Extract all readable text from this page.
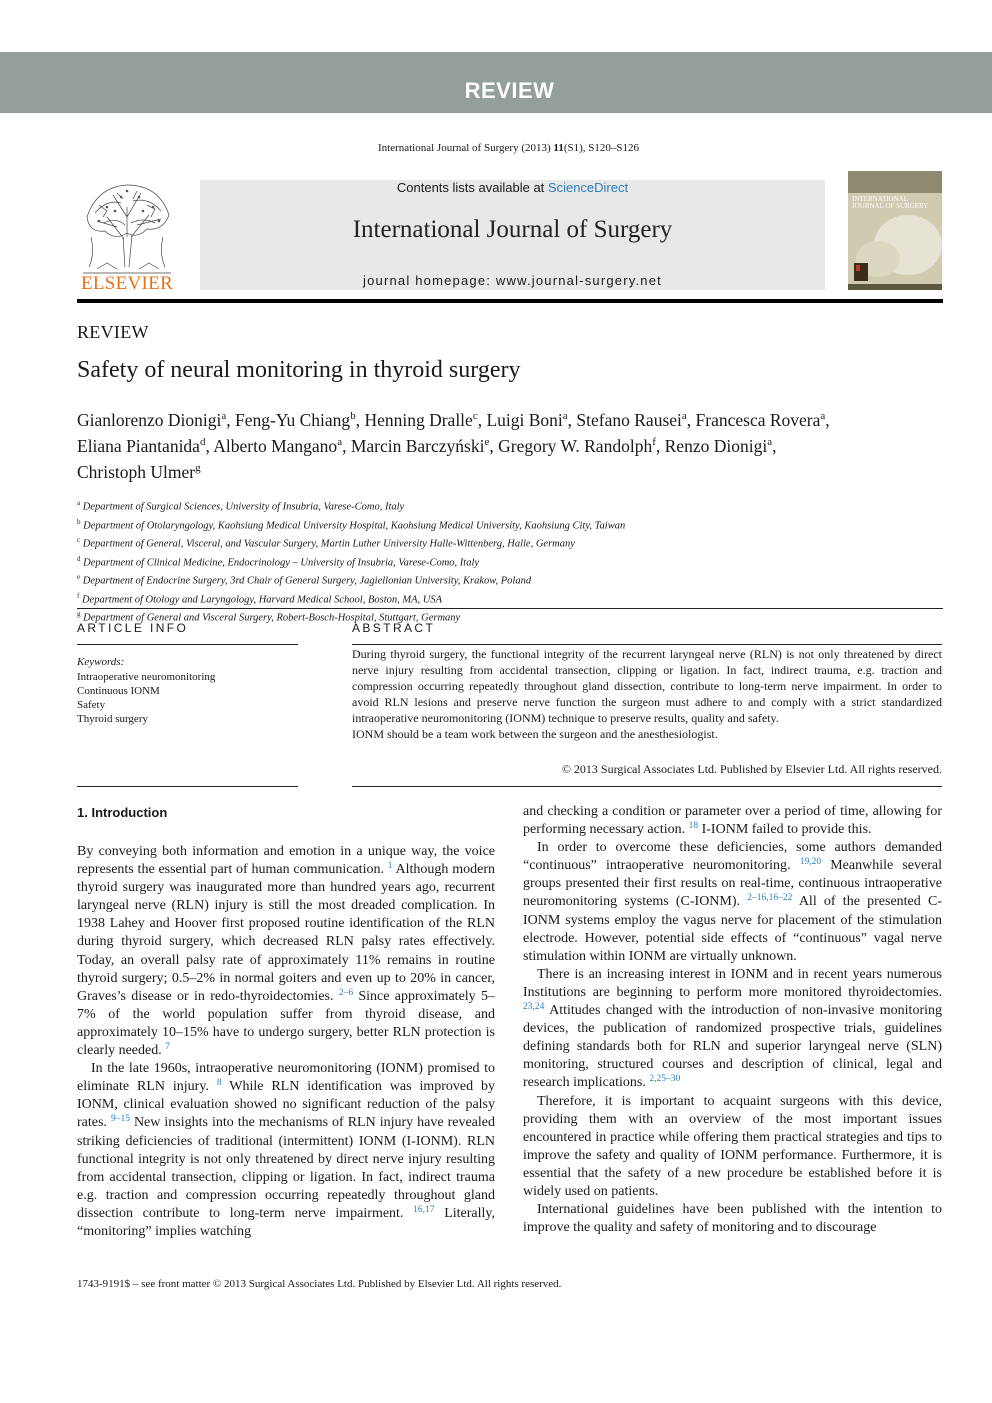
REVIEW
International Journal of Surgery (2013) 11(S1), S120–S126
ELSEVIER
Contents lists available at ScienceDirect
International Journal of Surgery
journal homepage: www.journal-surgery.net
INTERNATIONAL JOURNAL OF SURGERY
REVIEW
Safety of neural monitoring in thyroid surgery
Gianlorenzo Dionigi$^a$, Feng-Yu Chiang$^b$, Henning Dralle$^c$, Luigi Boni$^a$, Stefano Rausei$^a$, Francesca Rovera$^a$,
Eliana Piantanida$^d$, Alberto Mangano$^a$, Marcin Barczyński$^e$, Gregory W. Randolph$^f$, Renzo Dionigi$^a$,
Christoph Ulmer$^g$
$^a$ Department of Surgical Sciences, University of Insubria, Varese-Como, Italy
$^b$ Department of Otolaryngology, Kaohsiung Medical University Hospital, Kaohsiung Medical University, Kaohsiung City, Taiwan
$^c$ Department of General, Visceral, and Vascular Surgery, Martin Luther University Halle-Wittenberg, Halle, Germany
$^d$ Department of Clinical Medicine, Endocrinology – University of Insubria, Varese-Como, Italy
$^e$ Department of Endocrine Surgery, 3rd Chair of General Surgery, Jagiellonian University, Krakow, Poland
$^f$ Department of Otology and Laryngology, Harvard Medical School, Boston, MA, USA
$^g$ Department of General and Visceral Surgery, Robert-Bosch-Hospital, Stuttgart, Germany
ARTICLE INFO	ABSTRACT
Keywords:
Intraoperative neuromonitoring
Continuous IONM
Safety
Thyroid surgery

During thyroid surgery, the functional integrity of the recurrent laryngeal nerve (RLN) is not only threatened by direct nerve injury resulting from accidental transection, clipping or ligation. In fact, indirect trauma, e.g. traction and compression occurring repeatedly throughout gland dissection, contribute to long-term nerve impairment. In order to avoid RLN lesions and preserve nerve function the surgeon must adhere to and comply with a strict standardized intraoperative neuromonitoring (IONM) technique to preserve results, quality and safety.

IONM should be a team work between the surgeon and the anesthesiologist.

© 2013 Surgical Associates Ltd. Published by Elsevier Ltd. All rights reserved.
1. Introduction

By conveying both information and emotion in a unique way, the voice represents the essential part of human communication. $^1$ Although modern thyroid surgery was inaugurated more than hundred years ago, recurrent laryngeal nerve (RLN) injury is still the most dreaded complication. In 1938 Lahey and Hoover first proposed routine identification of the RLN during thyroid surgery, which decreased RLN palsy rates effectively. Today, an overall palsy rate of approximately 11% remains in routine thyroid surgery; 0.5–2% in normal goiters and even up to 20% in cancer, Graves’s disease or in redo-thyroidectomies. $^{2-6}$ Since approximately 5–7% of the world population suffer from thyroid disease, and approximately 10–15% have to undergo surgery, better RLN protection is clearly needed. $^7$

In the late 1960s, intraoperative neuromonitoring (IONM) promised to eliminate RLN injury. $^8$ While RLN identification was improved by IONM, clinical evaluation showed no significant reduction of the palsy rates. $^{9-15}$ New insights into the mechanisms of RLN injury have revealed striking deficiencies of traditional (intermittent) IONM (I-IONM). RLN functional integrity is not only threatened by direct nerve injury resulting from accidental transection, clipping or ligation. In fact, indirect trauma e.g. traction and compression occurring repeatedly throughout gland dissection contribute to long-term nerve impairment. $^{16,17}$ Literally, “monitoring” implies watching

and checking a condition or parameter over a period of time, allowing for performing necessary action. $^{18}$ I-IONM failed to provide this.

In order to overcome these deficiencies, some authors demanded “continuous” intraoperative neuromonitoring. $^{19,20}$ Meanwhile several groups presented their first results on real-time, continuous intraoperative neuromonitoring systems (C-IONM). $^{2-16,16-22}$ All of the presented C-IONM systems employ the vagus nerve for placement of the stimulation electrode. However, potential side effects of “continuous” vagal nerve stimulation within IONM are virtually unknown.

There is an increasing interest in IONM and in recent years numerous Institutions are beginning to perform more monitored thyroidectomies. $^{23,24}$ Attitudes changed with the introduction of non-invasive monitoring devices, the publication of randomized prospective trials, guidelines defining standards both for RLN and superior laryngeal nerve (SLN) monitoring, structured courses and description of clinical, legal and research implications. $^{2,25-30}$

Therefore, it is important to acquaint surgeons with this device, providing them with an overview of the most important issues encountered in practice while offering them practical strategies and tips to improve the safety and quality of IONM performance. Furthermore, it is essential that the safety of a new procedure be established before it is widely used on patients.

International guidelines have been published with the intention to improve the quality and safety of monitoring and to discourage

1743-9191$ – see front matter © 2013 Surgical Associates Ltd. Published by Elsevier Ltd. All rights reserved.
